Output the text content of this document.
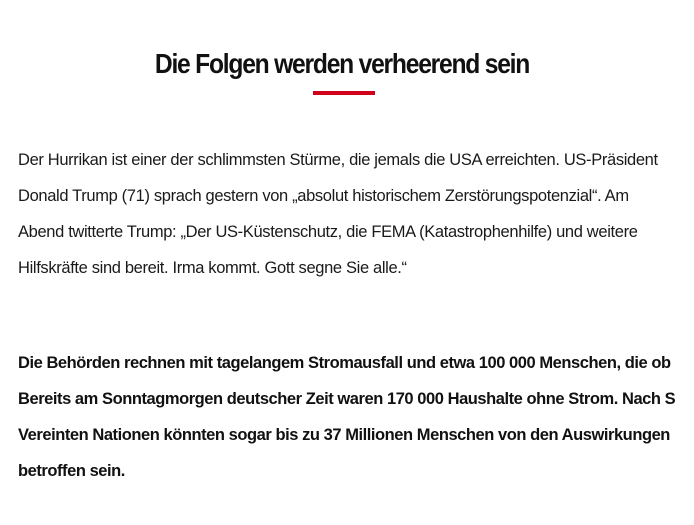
Die Folgen werden verheerend sein

Der Hurrikan ist einer der schlimmsten Stürme, die jemals die USA erreichten. US-Präsident Donald Trump (71) sprach gestern von „absolut historischem Zerstörungspotenzial“. Am Abend twitterte Trump: „Der US-Küstenschutz, die FEMA (Katastrophenhilfe) und weitere Hilfskräfte sind bereit. Irma kommt. Gott segne Sie alle.“

Die Behörden rechnen mit tagelangem Stromausfall und etwa 100 000 Menschen, die ob
Bereits am Sonntagmorgen deutscher Zeit waren 170 000 Haushalte ohne Strom. Nach S
Vereinten Nationen könnten sogar bis zu 37 Millionen Menschen von den Auswirkungen
betroffen sein.
